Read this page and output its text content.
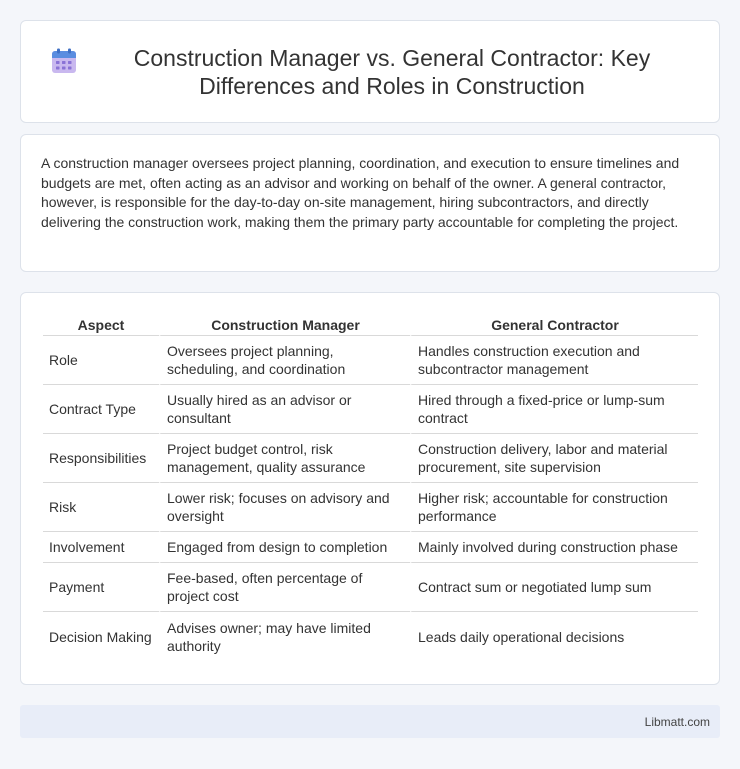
Construction Manager vs. General Contractor: Key Differences and Roles in Construction

A construction manager oversees project planning, coordination, and execution to ensure timelines and budgets are met, often acting as an advisor and working on behalf of the owner. A general contractor, however, is responsible for the day-to-day on-site management, hiring subcontractors, and directly delivering the construction work, making them the primary party accountable for completing the project.

Aspect	Construction Manager	General Contractor
Role	Oversees project planning, scheduling, and coordination	Handles construction execution and subcontractor management
Contract Type	Usually hired as an advisor or consultant	Hired through a fixed-price or lump-sum contract
Responsibilities	Project budget control, risk management, quality assurance	Construction delivery, labor and material procurement, site supervision
Risk	Lower risk; focuses on advisory and oversight	Higher risk; accountable for construction performance
Involvement	Engaged from design to completion	Mainly involved during construction phase
Payment	Fee-based, often percentage of project cost	Contract sum or negotiated lump sum
Decision Making	Advises owner; may have limited authority	Leads daily operational decisions
Libmatt.com
